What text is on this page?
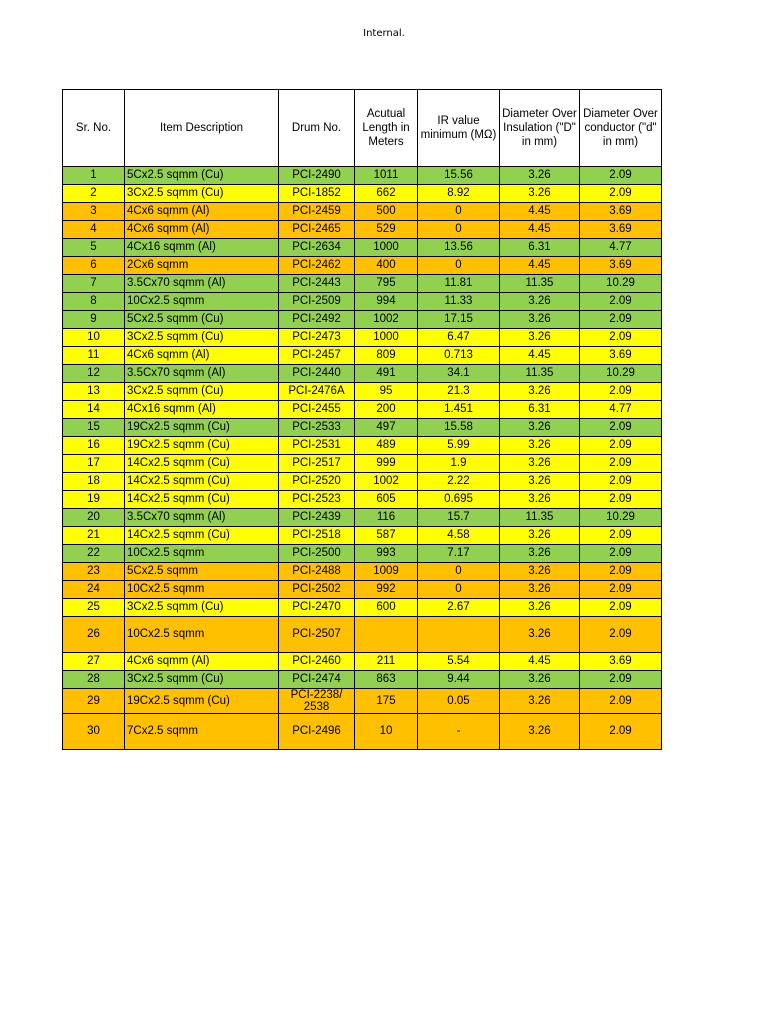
Internal.
Sr. No.	Item Description	Drum No.	Acutual Length in Meters	IR value minimum (MΩ)	Diameter Over Insulation ("D" in mm)	Diameter Over conductor ("d" in mm)
1	5Cx2.5 sqmm (Cu)	PCI-2490	1011	15.56	3.26	2.09
2	3Cx2.5 sqmm (Cu)	PCI-1852	662	8.92	3.26	2.09
3	4Cx6 sqmm (Al)	PCI-2459	500	0	4.45	3.69
4	4Cx6 sqmm (Al)	PCI-2465	529	0	4.45	3.69
5	4Cx16 sqmm (Al)	PCI-2634	1000	13.56	6.31	4.77
6	2Cx6 sqmm	PCI-2462	400	0	4.45	3.69
7	3.5Cx70 sqmm (Al)	PCI-2443	795	11.81	11.35	10.29
8	10Cx2.5 sqmm	PCI-2509	994	11.33	3.26	2.09
9	5Cx2.5 sqmm (Cu)	PCI-2492	1002	17.15	3.26	2.09
10	3Cx2.5 sqmm (Cu)	PCI-2473	1000	6.47	3.26	2.09
11	4Cx6 sqmm (Al)	PCI-2457	809	0.713	4.45	3.69
12	3.5Cx70 sqmm (Al)	PCI-2440	491	34.1	11.35	10.29
13	3Cx2.5 sqmm (Cu)	PCI-2476A	95	21.3	3.26	2.09
14	4Cx16 sqmm (Al)	PCI-2455	200	1.451	6.31	4.77
15	19Cx2.5 sqmm (Cu)	PCI-2533	497	15.58	3.26	2.09
16	19Cx2.5 sqmm (Cu)	PCI-2531	489	5.99	3.26	2.09
17	14Cx2.5 sqmm (Cu)	PCI-2517	999	1.9	3.26	2.09
18	14Cx2.5 sqmm (Cu)	PCI-2520	1002	2.22	3.26	2.09
19	14Cx2.5 sqmm (Cu)	PCI-2523	605	0.695	3.26	2.09
20	3.5Cx70 sqmm (Al)	PCI-2439	116	15.7	11.35	10.29
21	14Cx2.5 sqmm (Cu)	PCI-2518	587	4.58	3.26	2.09
22	10Cx2.5 sqmm	PCI-2500	993	7.17	3.26	2.09
23	5Cx2.5 sqmm	PCI-2488	1009	0	3.26	2.09
24	10Cx2.5 sqmm	PCI-2502	992	0	3.26	2.09
25	3Cx2.5 sqmm (Cu)	PCI-2470	600	2.67	3.26	2.09
26	10Cx2.5 sqmm	PCI-2507			3.26	2.09
27	4Cx6 sqmm (Al)	PCI-2460	211	5.54	4.45	3.69
28	3Cx2.5 sqmm (Cu)	PCI-2474	863	9.44	3.26	2.09
29	19Cx2.5 sqmm (Cu)	PCI-2238/ 2538	175	0.05	3.26	2.09
30	7Cx2.5 sqmm	PCI-2496	10	-	3.26	2.09
